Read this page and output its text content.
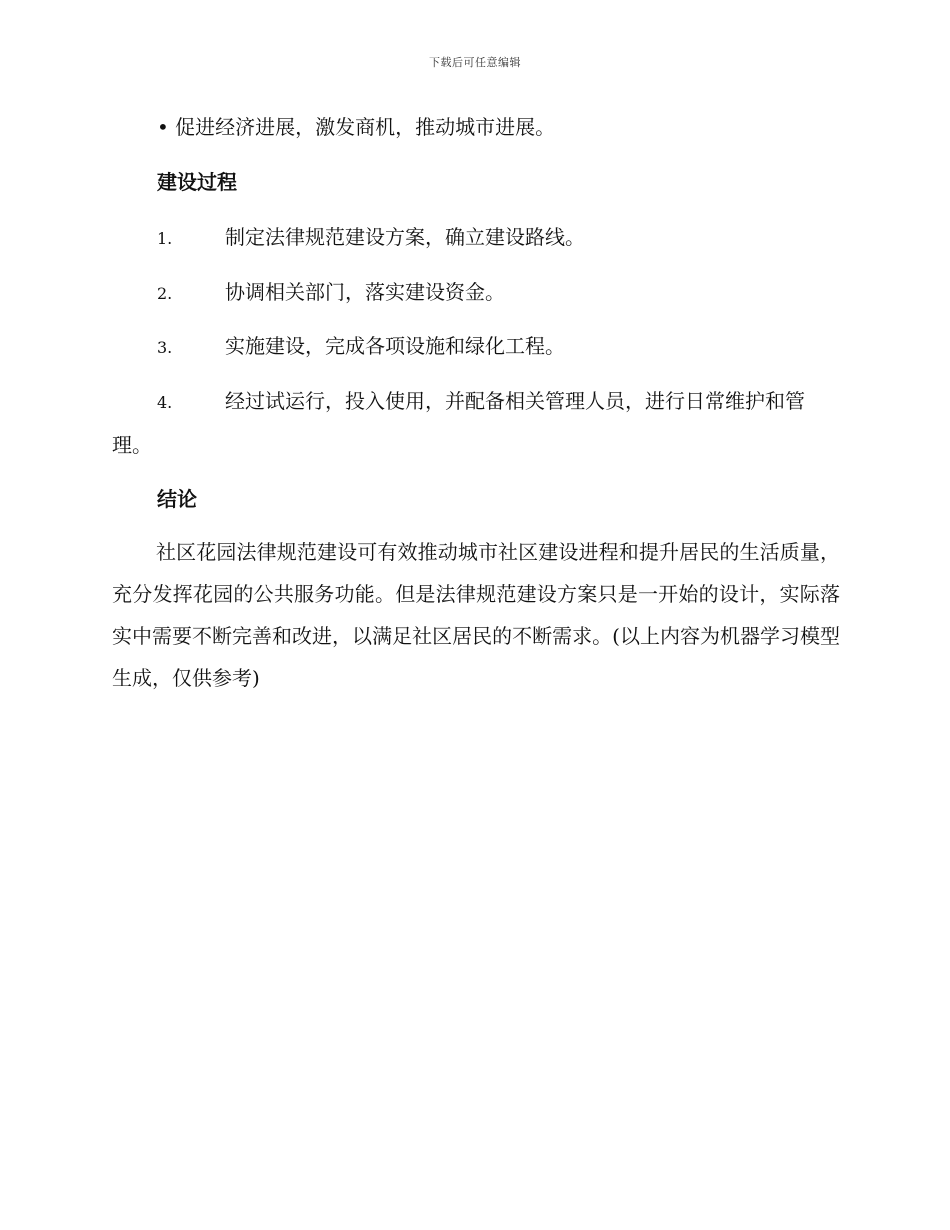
下载后可任意编辑
• 促进经济进展，激发商机，推动城市进展。
建设过程
1.	制定法律规范建设方案，确立建设路线。
2.	协调相关部门，落实建设资金。
3.	实施建设，完成各项设施和绿化工程。
4.	经过试运行，投入使用，并配备相关管理人员，进行日常维护和管理。
结论
社区花园法律规范建设可有效推动城市社区建设进程和提升居民的生活质量，充分发挥花园的公共服务功能。但是法律规范建设方案只是一开始的设计，实际落实中需要不断完善和改进，以满足社区居民的不断需求。(以上内容为机器学习模型生成，仅供参考)
